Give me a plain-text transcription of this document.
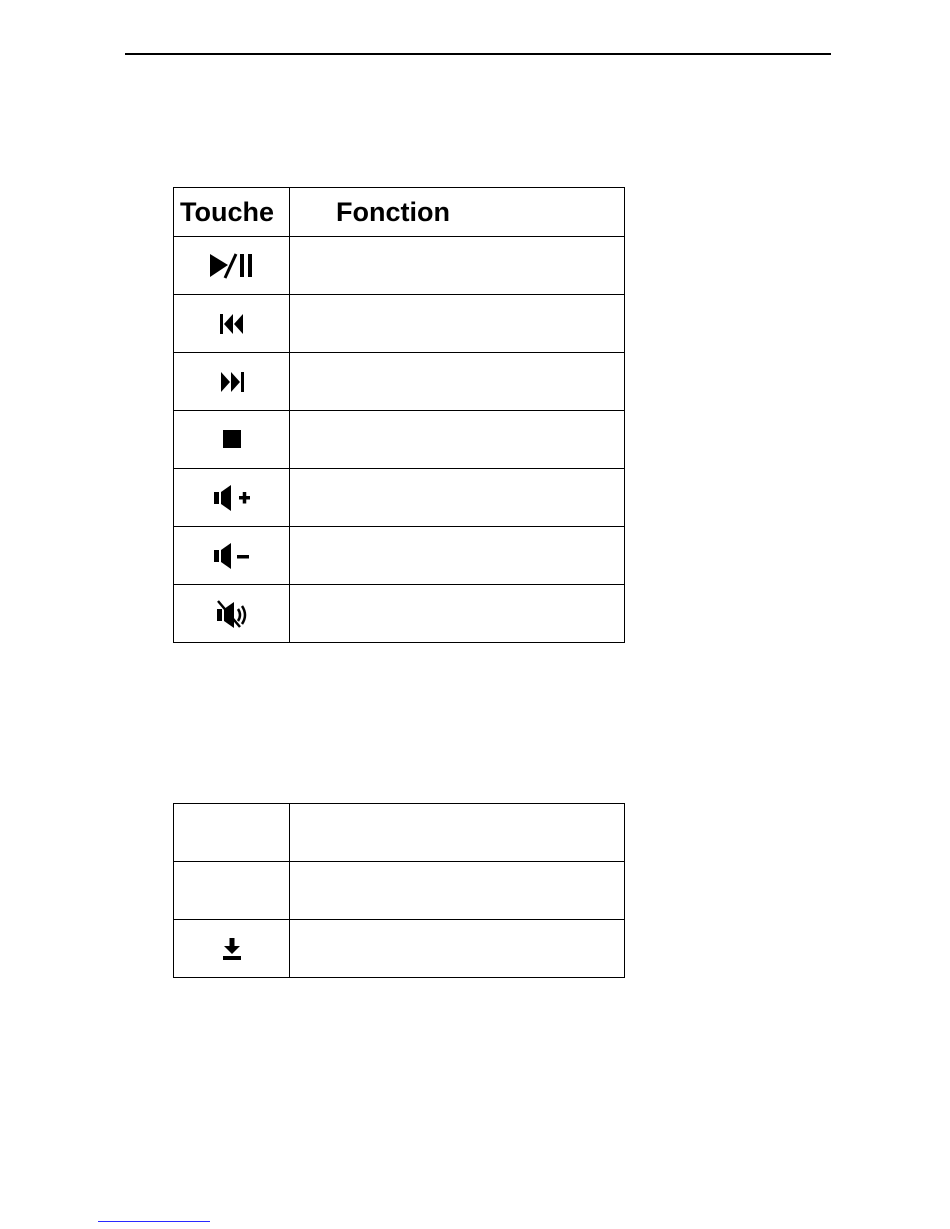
Touche	Fonction
